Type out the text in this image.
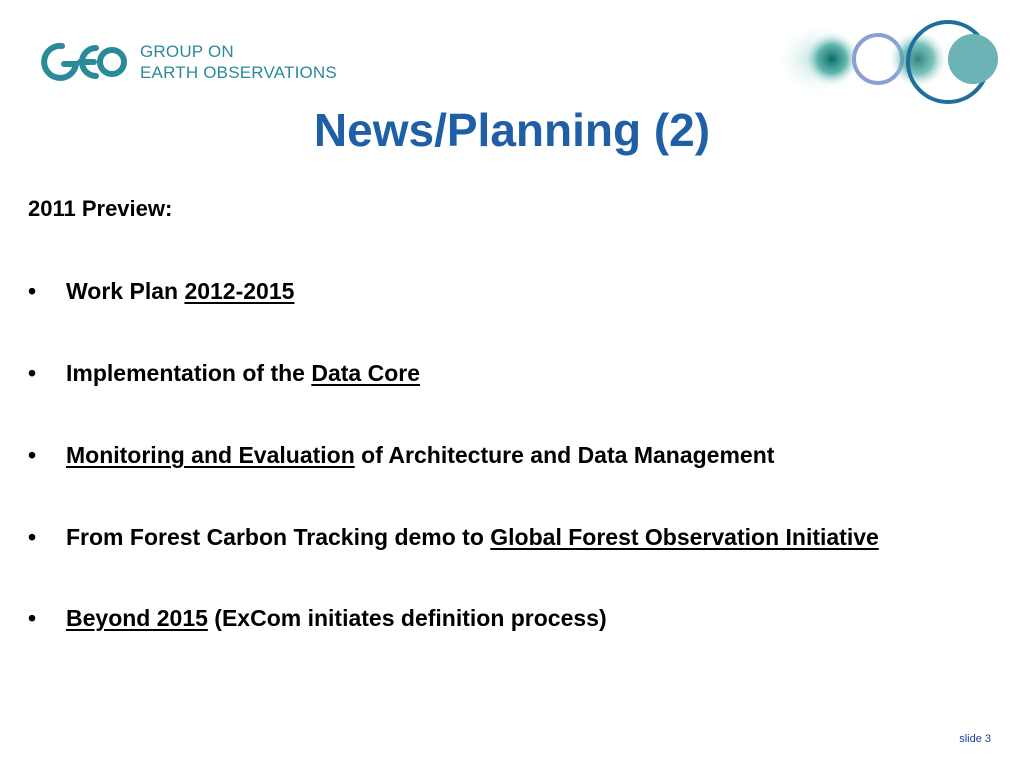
GROUP ON
EARTH OBSERVATIONS
News/Planning (2)
2011 Preview:
• Work Plan 2012-2015
• Implementation of the Data Core
• Monitoring and Evaluation of Architecture and Data Management
• From Forest Carbon Tracking demo to Global Forest Observation Initiative
• Beyond 2015 (ExCom initiates definition process)
slide 3
